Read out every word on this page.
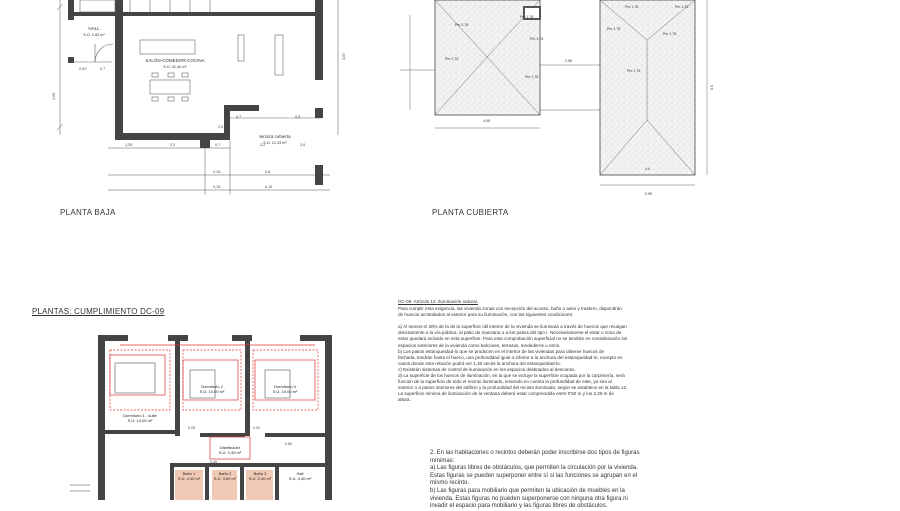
HALL
S.Ú: 2,83 m²
SALÓN-COMEDOR-COCINA
S.Ú: 31,40 m²
terraza cubierta
S.Ú: 12,33 m²
0,92	0,7
1,35	2,2	0,7	2,2	2,6
0,7	0,5
0,15	0,8
0,15	0,15
2,5
4,05
3,87
PLANTA BAJA
Pm 1.76
Pm 1.76
Pm 1.76
Pm 1.76
Pm 1.76
Pm 1.76	Pm 1.76
Pm 1.76
Pm 1.76
Pm 1.76
4.05
4.4
0.95
2.55
6.5
PLANTA CUBIERTA
PLANTAS: CUMPLIMIENTO DC-09
Dormitorio 1 - suite
S.Ú: 14,00 m²
Dormitorio 2
S.Ú: 10,00 m²
Dormitorio 3
S.Ú: 10,00 m²
Distribuidor
S.Ú: 2,40 m²
Baño 1
S.Ú: 4,40 m²
Baño 2
S.Ú: 3,60 m²
Baño 3
S.Ú: 2,40 m²
Hall
S.Ú: 4,40 m²
0.25	0.20
0.45
0.80
DC-09. Artículo 12. Iluminación natural.
Para cumplir esta exigencia, las vivienda zonas con excepción del acceso, baño o aseo y trastero, dispondrán
de huecos acristalados al exterior para su iluminación, con las siguientes condiciones:

a) Al menos el 30% de la de la superficie útil interior de la vivienda se iluminará a través de huecos que recaigan
directamente a la vía pública, al patio de manzana o a los patios del tipo I. Necesariamente el estar o zona de
estar quedará incluido en esta superficie. Para esta comprobación superficial no se tendrán en consideración los
espacios exteriores de la vivienda como balcones, terrazas, tendederos u otros.
b) Los patios estanqueidad-lo que se producen en el interior de las viviendas para obtener huecos de
fachada, tendrán hasta el hueco, una profundidad igual o inferior a la anchura del estanqueidad-lo, excepto en
casos donde esta relación podrá ser 1,30 veces la anchura del estanqueidad-lo.
c) Existirán sistemas de control de iluminación en los espacios destinados al descanso.
d) La superficie de los huecos de iluminación, en la que se incluye la superficie ocupada por la carpintería, será
función de la superficie de todo el recinto iluminado, teniendo en cuenta la profundidad de este, ya sea al
exterior o a patios interiores del edificio y la profundidad del recinto iluminado, según se establece en la tabla 12.
La superficie mínima de iluminación de la ventana deberá estar comprendida entre 0'50 m y los 2,20 m de
altura.
2. En las habitaciones o recintos deberán poder inscribirse dos tipos de figuras
mínimas:
a) Las figuras libres de obstáculos, que permiten la circulación por la vivienda.
Estas figuras se pueden superponer entre sí si las funciones se agrupan en el
mismo recinto.
b) Las figuras para mobiliario que permiten la ubicación de muebles en la
vivienda. Estas figuras no pueden superponerse con ninguna otra figura ni
invadir el espacio para mobiliario y las figuras libres de obstáculos.
